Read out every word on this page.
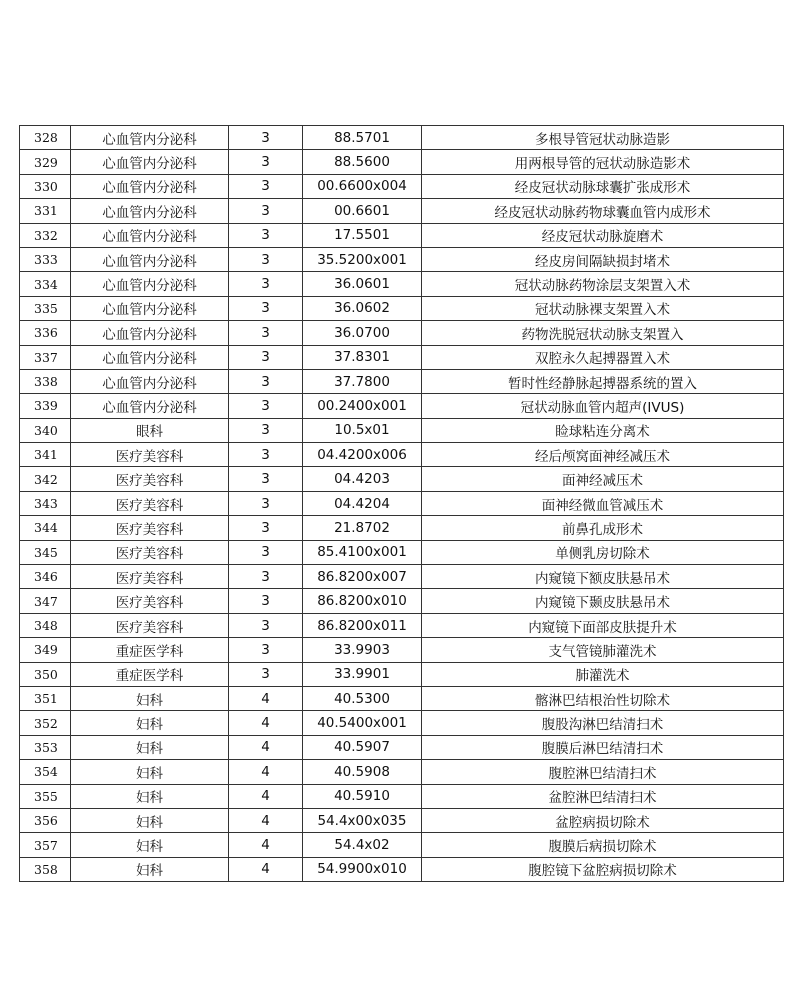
328	心血管内分泌科	3	88.5701	多根导管冠状动脉造影
329	心血管内分泌科	3	88.5600	用两根导管的冠状动脉造影术
330	心血管内分泌科	3	00.6600x004	经皮冠状动脉球囊扩张成形术
331	心血管内分泌科	3	00.6601	经皮冠状动脉药物球囊血管内成形术
332	心血管内分泌科	3	17.5501	经皮冠状动脉旋磨术
333	心血管内分泌科	3	35.5200x001	经皮房间隔缺损封堵术
334	心血管内分泌科	3	36.0601	冠状动脉药物涂层支架置入术
335	心血管内分泌科	3	36.0602	冠状动脉裸支架置入术
336	心血管内分泌科	3	36.0700	药物洗脱冠状动脉支架置入
337	心血管内分泌科	3	37.8301	双腔永久起搏器置入术
338	心血管内分泌科	3	37.7800	暂时性经静脉起搏器系统的置入
339	心血管内分泌科	3	00.2400x001	冠状动脉血管内超声(IVUS)
340	眼科	3	10.5x01	睑球粘连分离术
341	医疗美容科	3	04.4200x006	经后颅窝面神经减压术
342	医疗美容科	3	04.4203	面神经减压术
343	医疗美容科	3	04.4204	面神经微血管减压术
344	医疗美容科	3	21.8702	前鼻孔成形术
345	医疗美容科	3	85.4100x001	单侧乳房切除术
346	医疗美容科	3	86.8200x007	内窥镜下额皮肤悬吊术
347	医疗美容科	3	86.8200x010	内窥镜下颞皮肤悬吊术
348	医疗美容科	3	86.8200x011	内窥镜下面部皮肤提升术
349	重症医学科	3	33.9903	支气管镜肺灌洗术
350	重症医学科	3	33.9901	肺灌洗术
351	妇科	4	40.5300	髂淋巴结根治性切除术
352	妇科	4	40.5400x001	腹股沟淋巴结清扫术
353	妇科	4	40.5907	腹膜后淋巴结清扫术
354	妇科	4	40.5908	腹腔淋巴结清扫术
355	妇科	4	40.5910	盆腔淋巴结清扫术
356	妇科	4	54.4x00x035	盆腔病损切除术
357	妇科	4	54.4x02	腹膜后病损切除术
358	妇科	4	54.9900x010	腹腔镜下盆腔病损切除术
